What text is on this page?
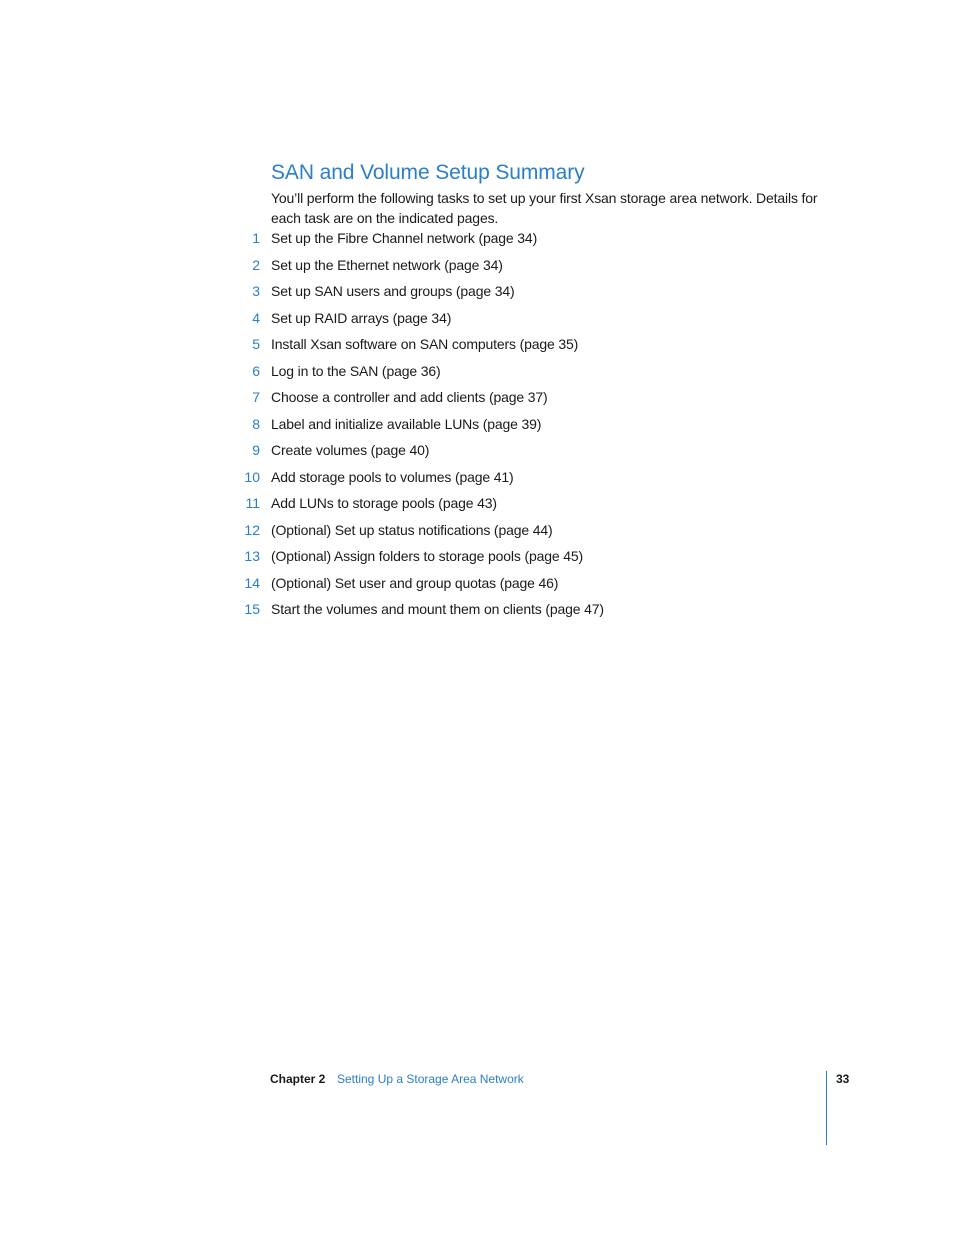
SAN and Volume Setup Summary

You’ll perform the following tasks to set up your first Xsan storage area network. Details for each task are on the indicated pages.

1 Set up the Fibre Channel network (page 34)
2 Set up the Ethernet network (page 34)
3 Set up SAN users and groups (page 34)
4 Set up RAID arrays (page 34)
5 Install Xsan software on SAN computers (page 35)
6 Log in to the SAN (page 36)
7 Choose a controller and add clients (page 37)
8 Label and initialize available LUNs (page 39)
9 Create volumes (page 40)
10 Add storage pools to volumes (page 41)
11 Add LUNs to storage pools (page 43)
12 (Optional) Set up status notifications (page 44)
13 (Optional) Assign folders to storage pools (page 45)
14 (Optional) Set user and group quotas (page 46)
15 Start the volumes and mount them on clients (page 47)
Chapter 2 Setting Up a Storage Area Network	33
